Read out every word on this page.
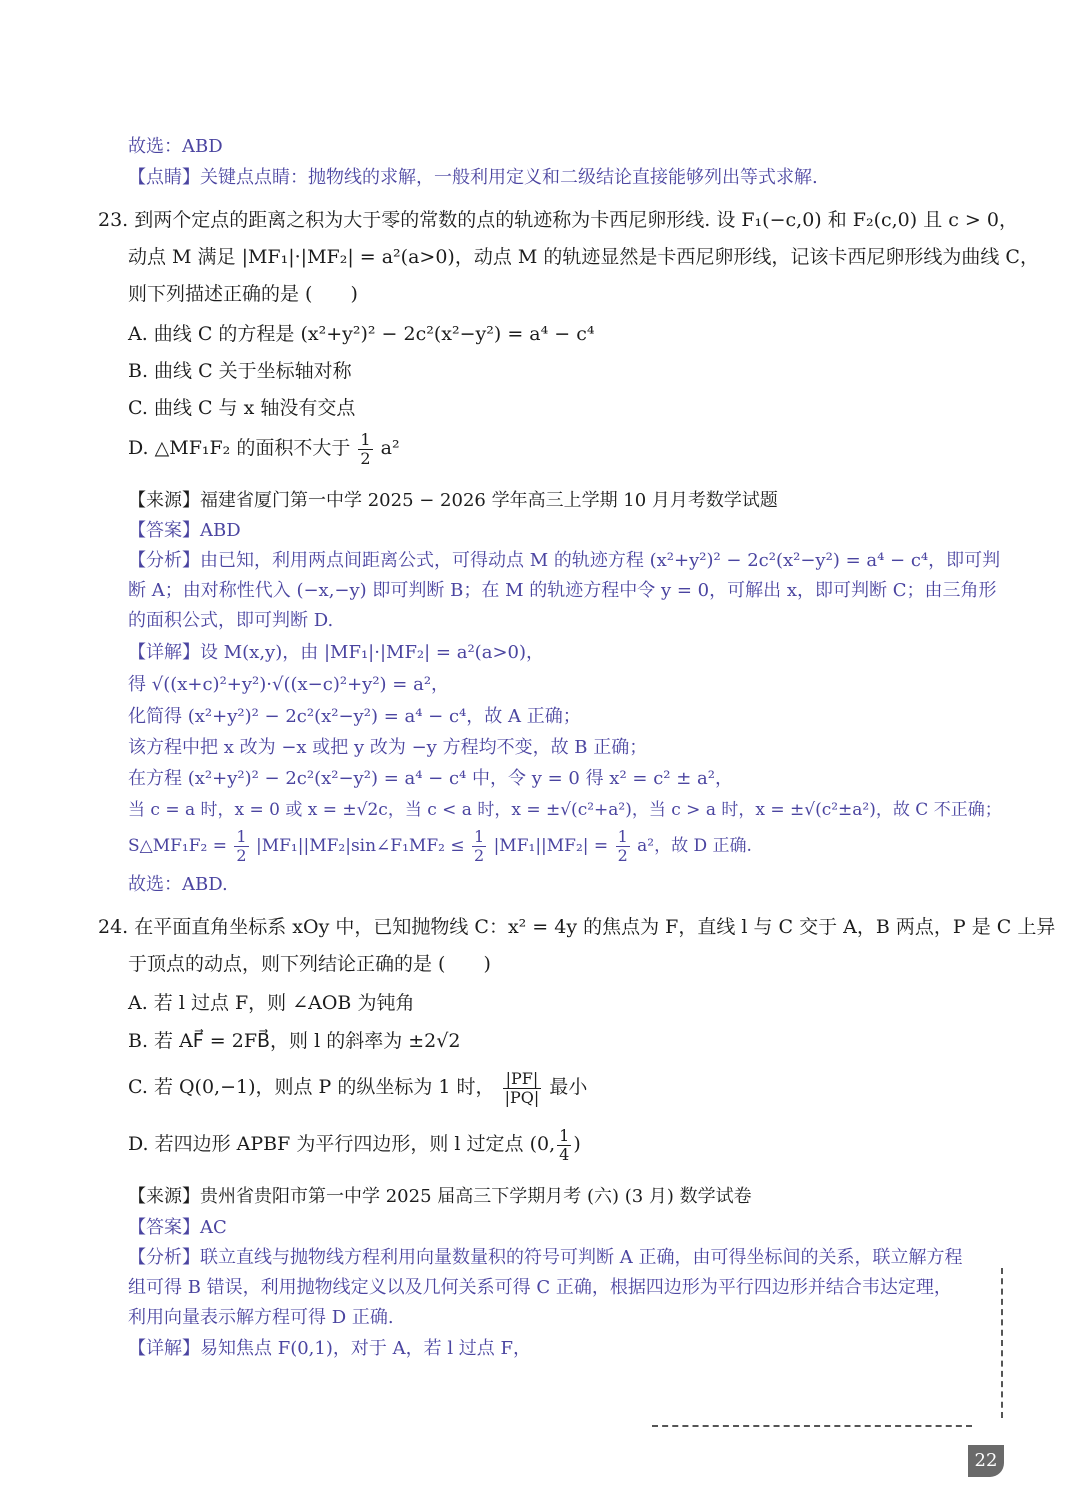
故选：ABD
【点睛】关键点点睛：抛物线的求解，一般利用定义和二级结论直接能够列出等式求解.
23. 到两个定点的距离之积为大于零的常数的点的轨迹称为卡西尼卵形线. 设 F₁(−c,0) 和 F₂(c,0) 且 c > 0，
动点 M 满足 |MF₁|·|MF₂| = a²(a>0)，动点 M 的轨迹显然是卡西尼卵形线，记该卡西尼卵形线为曲线 C，
则下列描述正确的是 (　　)
A. 曲线 C 的方程是 (x²+y²)² − 2c²(x²−y²) = a⁴ − c⁴
B. 曲线 C 关于坐标轴对称
C. 曲线 C 与 x 轴没有交点
D. △MF₁F₂ 的面积不大于 $\frac{1}{2} a^2$
【来源】福建省厦门第一中学 2025 − 2026 学年高三上学期 10 月月考数学试题
【答案】ABD
【分析】由已知，利用两点间距离公式，可得动点 M 的轨迹方程 (x²+y²)² − 2c²(x²−y²) = a⁴ − c⁴，即可判
断 A；由对称性代入 (−x,−y) 即可判断 B；在 M 的轨迹方程中令 y = 0，可解出 x，即可判断 C；由三角形
的面积公式，即可判断 D.
【详解】设 M(x,y)，由 |MF₁|·|MF₂| = a²(a>0)，
得 √((x+c)²+y²)·√((x−c)²+y²) = a²，
化简得 (x²+y²)² − 2c²(x²−y²) = a⁴ − c⁴，故 A 正确；
该方程中把 x 改为 −x 或把 y 改为 −y 方程均不变，故 B 正确；
在方程 (x²+y²)² − 2c²(x²−y²) = a⁴ − c⁴ 中，令 y = 0 得 x² = c² ± a²，
当 c = a 时，x = 0 或 x = ±√2c，当 c < a 时，x = ±√(c²+a²)，当 c > a 时，x = ±√(c²±a²)，故 C 不正确；
S△MF₁F₂ = $\frac{1}{2}$ |MF₁||MF₂|sin∠F₁MF₂ ≤ $\frac{1}{2} |MF_1||MF_2| = \frac{1}{2} a^2$，故 D 正确.
故选：ABD.
24. 在平面直角坐标系 xOy 中，已知抛物线 C：x² = 4y 的焦点为 F，直线 l 与 C 交于 A，B 两点，P 是 C 上异
于顶点的动点，则下列结论正确的是 (　　)
A. 若 l 过点 F，则 ∠AOB 为钝角
B. 若 AF⃗ = 2FB⃗，则 l 的斜率为 ±2√2
C. 若 Q(0,−1)，则点 P 的纵坐标为 1 时， $\frac{|PF|}{|PQ|}$ 最小
D. 若四边形 APBF 为平行四边形，则 l 过定点 (0, $\frac{1}{4}$ )
【来源】贵州省贵阳市第一中学 2025 届高三下学期月考 (六) (3 月) 数学试卷
【答案】AC
【分析】联立直线与抛物线方程利用向量数量积的符号可判断 A 正确，由可得坐标间的关系，联立解方程
组可得 B 错误，利用抛物线定义以及几何关系可得 C 正确，根据四边形为平行四边形并结合韦达定理，
利用向量表示解方程可得 D 正确.
【详解】易知焦点 F(0,1)，对于 A，若 l 过点 F，
22
